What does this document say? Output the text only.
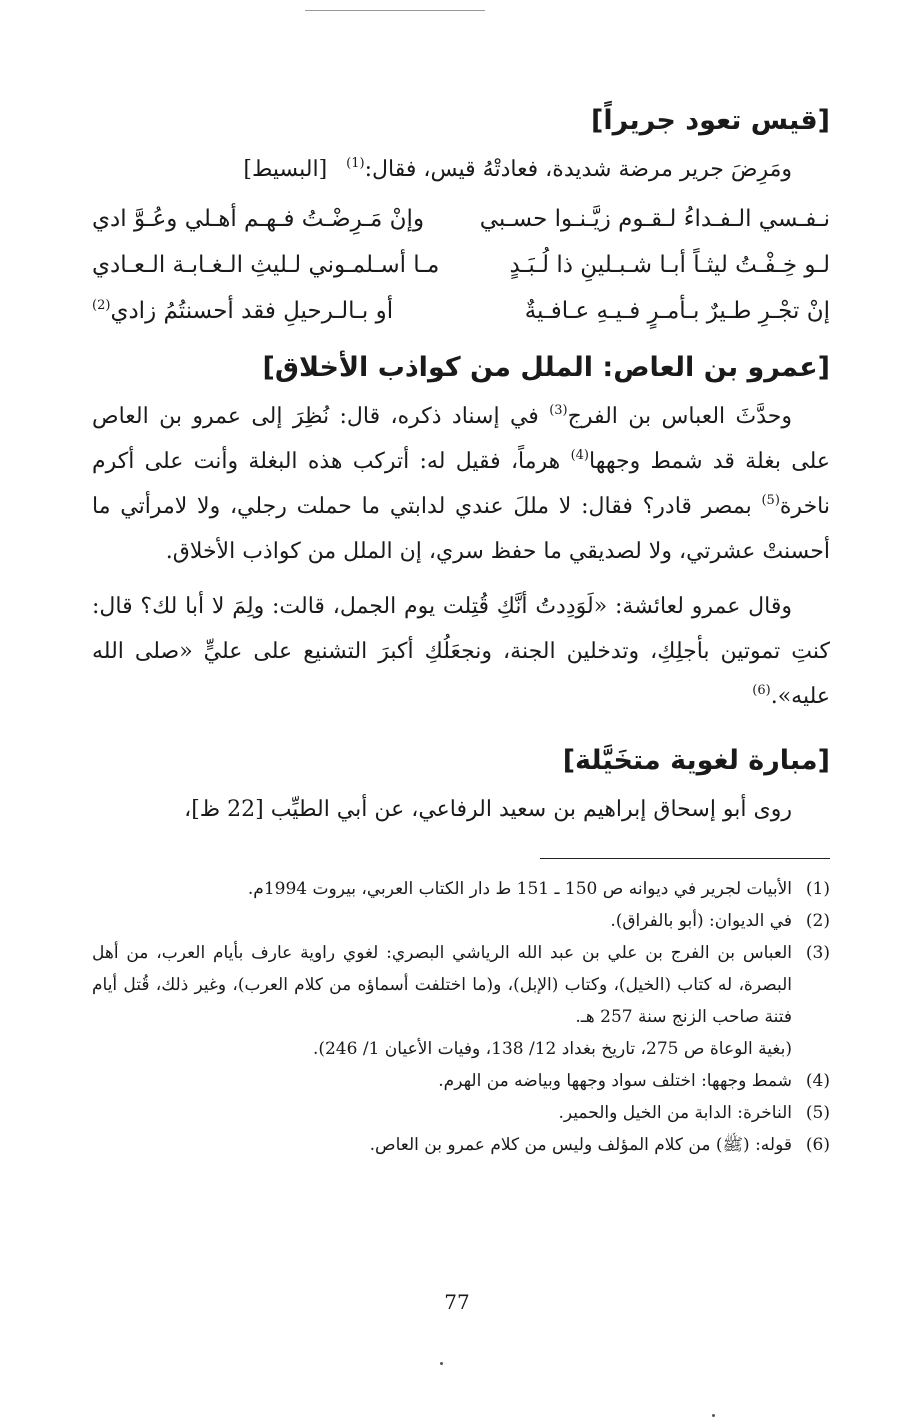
[قيس تعود جريراً]

ومَرِضَ جرير مرضة شديدة، فعادتْهُ قيس، فقال:$^{(1)}$ [البسيط]

نـفـسي الـفـداءُ لـقـوم زيَّـنـوا حسـبي
وإنْ مَـرِضْـتُ فـهـم أهـلي وعُـوَّ ادي
لـو خِـفْـتُ ليثـاً أبـا شـبـلينِ ذا لُـبَـدٍ
مـا أسـلمـوني لـليثِ الـغـابـة الـعـادي
إنْ تجْـرِ طـيرٌ بـأمـرٍ فـيـهِ عـافـيةٌ
أو بـالـرحيلِ فقد أحسنتُمُ زادي$^{(2)}$
[عمرو بن العاص: الملل من كواذب الأخلاق]

وحدَّثَ العباس بن الفرج$^{(3)}$ في إسناد ذكره، قال: نُظِرَ إلى عمرو بن العاص على بغلة قد شمط وجهها$^{(4)}$ هرماً، فقيل له: أتركب هذه البغلة وأنت على أكرم ناخرة$^{(5)}$ بمصر قادر؟ فقال: لا مللَ عندي لدابتي ما حملت رجلي، ولا لامرأتي ما أحسنتْ عشرتي، ولا لصديقي ما حفظ سري، إن الملل من كواذب الأخلاق.

وقال عمرو لعائشة: «لَوَدِدتُ أنَّكِ قُتِلت يوم الجمل، قالت: ولِمَ لا أبا لك؟ قال: كنتِ تموتين بأجلِكِ، وتدخلين الجنة، ونجعَلُكِ أكبرَ التشنيع على عليٍّ «صلى الله عليه».$^{(6)}$

[مبارة لغوية متخَيَّلة]

روى أبو إسحاق إبراهيم بن سعيد الرفاعي، عن أبي الطيِّب [22 ظ]،

(1)
الأبيات لجرير في ديوانه ص 150 ـ 151 ط دار الكتاب العربي، بيروت 1994م.
(2)
في الديوان: (أبو بالفراق).
(3)
العباس بن الفرج بن علي بن عبد الله الرياشي البصري: لغوي راوية عارف بأيام العرب، من أهل البصرة، له كتاب (الخيل)، وكتاب (الإبل)، و(ما اختلفت أسماؤه من كلام العرب)، وغير ذلك، قُتل أيام فتنة صاحب الزنج سنة 257 هـ.
(بغية الوعاة ص 275، تاريخ بغداد 12/ 138، وفيات الأعيان 1/ 246).
(4)
شمط وجهها: اختلف سواد وجهها وبياضه من الهرم.
(5)
الناخرة: الدابة من الخيل والحمير.
(6)
قوله: (ﷺ) من كلام المؤلف وليس من كلام عمرو بن العاص.
77
